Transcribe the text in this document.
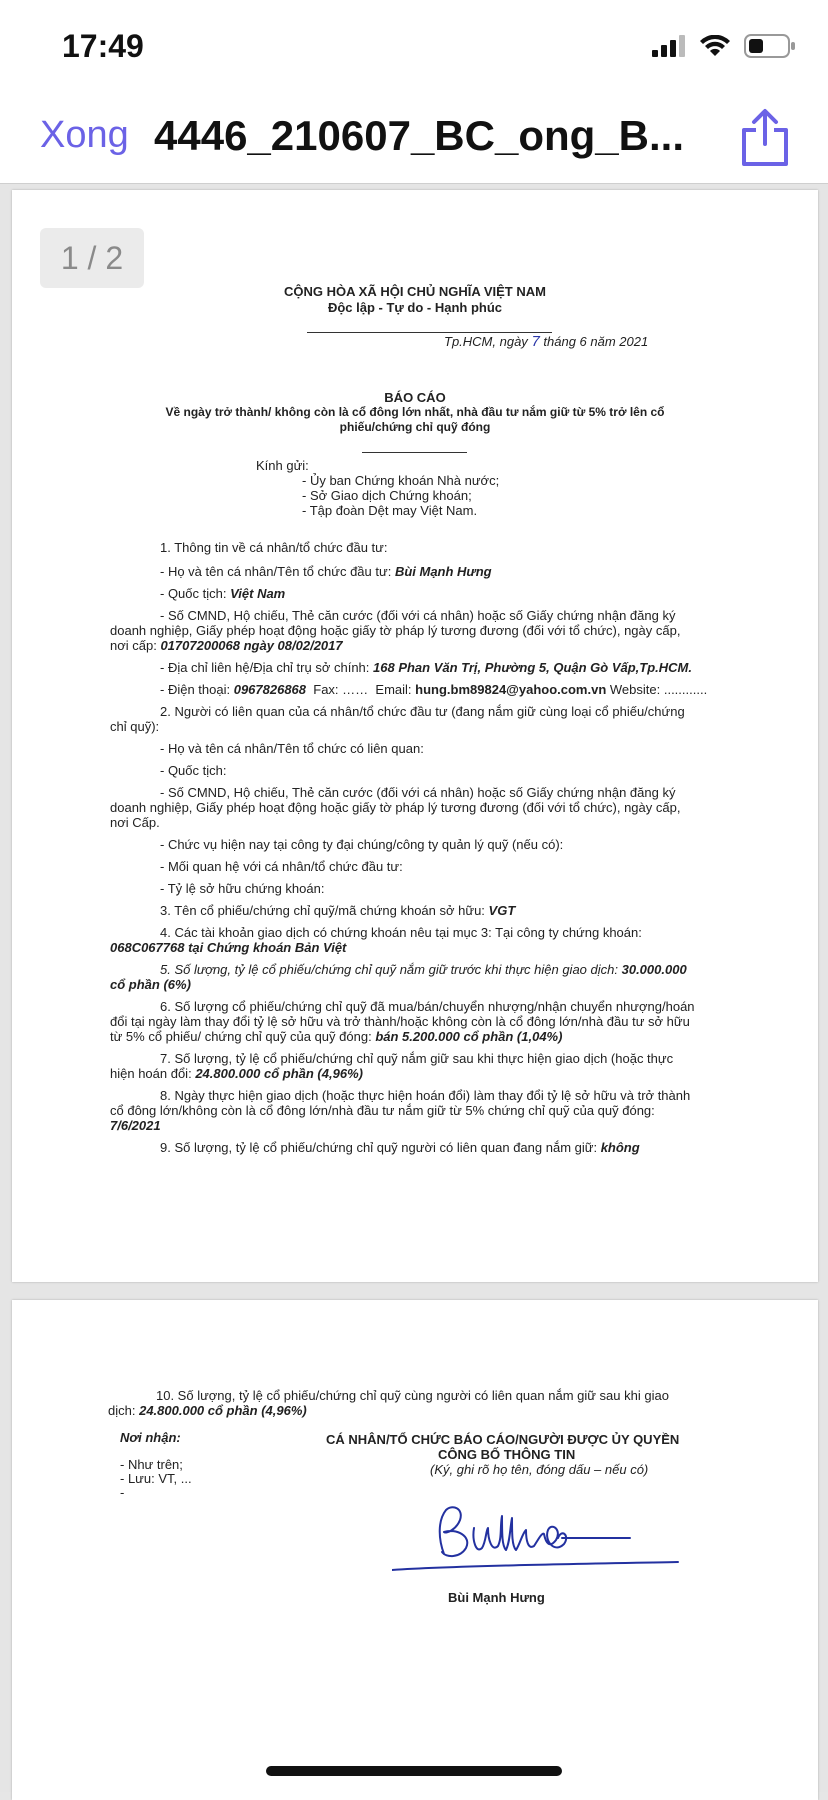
17:49
Xong 4446_210607_BC_ong_B...
1 / 2
CỘNG HÒA XÃ HỘI CHỦ NGHĨA VIỆT NAM
Độc lập - Tự do - Hạnh phúc
Tp.HCM, ngày 7 tháng 6 năm 2021
BÁO CÁO
Về ngày trở thành/ không còn là cổ đông lớn nhất, nhà đầu tư nắm giữ từ 5% trở lên cổ
phiếu/chứng chỉ quỹ đóng
Kính gửi:
- Ủy ban Chứng khoán Nhà nước;
- Sở Giao dịch Chứng khoán;
- Tập đoàn Dệt may Việt Nam.
1. Thông tin về cá nhân/tổ chức đầu tư:
- Họ và tên cá nhân/Tên tổ chức đầu tư: Bùi Mạnh Hưng
- Quốc tịch: Việt Nam
- Số CMND, Hộ chiếu, Thẻ căn cước (đối với cá nhân) hoặc số Giấy chứng nhận đăng ký
doanh nghiệp, Giấy phép hoạt động hoặc giấy tờ pháp lý tương đương (đối với tổ chức), ngày cấp,
nơi cấp: 01707200068 ngày 08/02/2017
- Địa chỉ liên hệ/Địa chỉ trụ sở chính: 168 Phan Văn Trị, Phường 5, Quận Gò Vấp,Tp.HCM.
- Điện thoại: 0967826868 Fax: …… Email: hung.bm89824@yahoo.com.vn Website: ............
2. Người có liên quan của cá nhân/tổ chức đầu tư (đang nắm giữ cùng loại cổ phiếu/chứng
chỉ quỹ):
- Họ và tên cá nhân/Tên tổ chức có liên quan:
- Quốc tịch:
- Số CMND, Hộ chiếu, Thẻ căn cước (đối với cá nhân) hoặc số Giấy chứng nhận đăng ký
doanh nghiệp, Giấy phép hoạt động hoặc giấy tờ pháp lý tương đương (đối với tổ chức), ngày cấp,
nơi Cấp.
- Chức vụ hiện nay tại công ty đại chúng/công ty quản lý quỹ (nếu có):
- Mối quan hệ với cá nhân/tổ chức đầu tư:
- Tỷ lệ sở hữu chứng khoán:
3. Tên cổ phiếu/chứng chỉ quỹ/mã chứng khoán sở hữu: VGT
4. Các tài khoản giao dịch có chứng khoán nêu tại mục 3: Tại công ty chứng khoán:
068C067768 tại Chứng khoán Bản Việt
5. Số lượng, tỷ lệ cổ phiếu/chứng chỉ quỹ nắm giữ trước khi thực hiện giao dịch: 30.000.000
cổ phần (6%)
6. Số lượng cổ phiếu/chứng chỉ quỹ đã mua/bán/chuyển nhượng/nhận chuyển nhượng/hoán
đổi tại ngày làm thay đổi tỷ lệ sở hữu và trở thành/hoặc không còn là cổ đông lớn/nhà đầu tư sở hữu
từ 5% cổ phiếu/ chứng chỉ quỹ của quỹ đóng: bán 5.200.000 cổ phần (1,04%)
7. Số lượng, tỷ lệ cổ phiếu/chứng chỉ quỹ nắm giữ sau khi thực hiện giao dịch (hoặc thực
hiện hoán đổi: 24.800.000 cổ phần (4,96%)
8. Ngày thực hiện giao dịch (hoặc thực hiện hoán đổi) làm thay đổi tỷ lệ sở hữu và trở thành
cổ đông lớn/không còn là cổ đông lớn/nhà đầu tư nắm giữ từ 5% chứng chỉ quỹ của quỹ đóng:
7/6/2021
9. Số lượng, tỷ lệ cổ phiếu/chứng chỉ quỹ người có liên quan đang nắm giữ: không
10. Số lượng, tỷ lệ cổ phiếu/chứng chỉ quỹ cùng người có liên quan nắm giữ sau khi giao
dịch: 24.800.000 cổ phần (4,96%)
Nơi nhận:
- Như trên;
- Lưu: VT, ...
-
CÁ NHÂN/TỔ CHỨC BÁO CÁO/NGƯỜI ĐƯỢC ỦY QUYỀN
CÔNG BỐ THÔNG TIN
(Ký, ghi rõ họ tên, đóng dấu – nếu có)
Bùi Mạnh Hưng
